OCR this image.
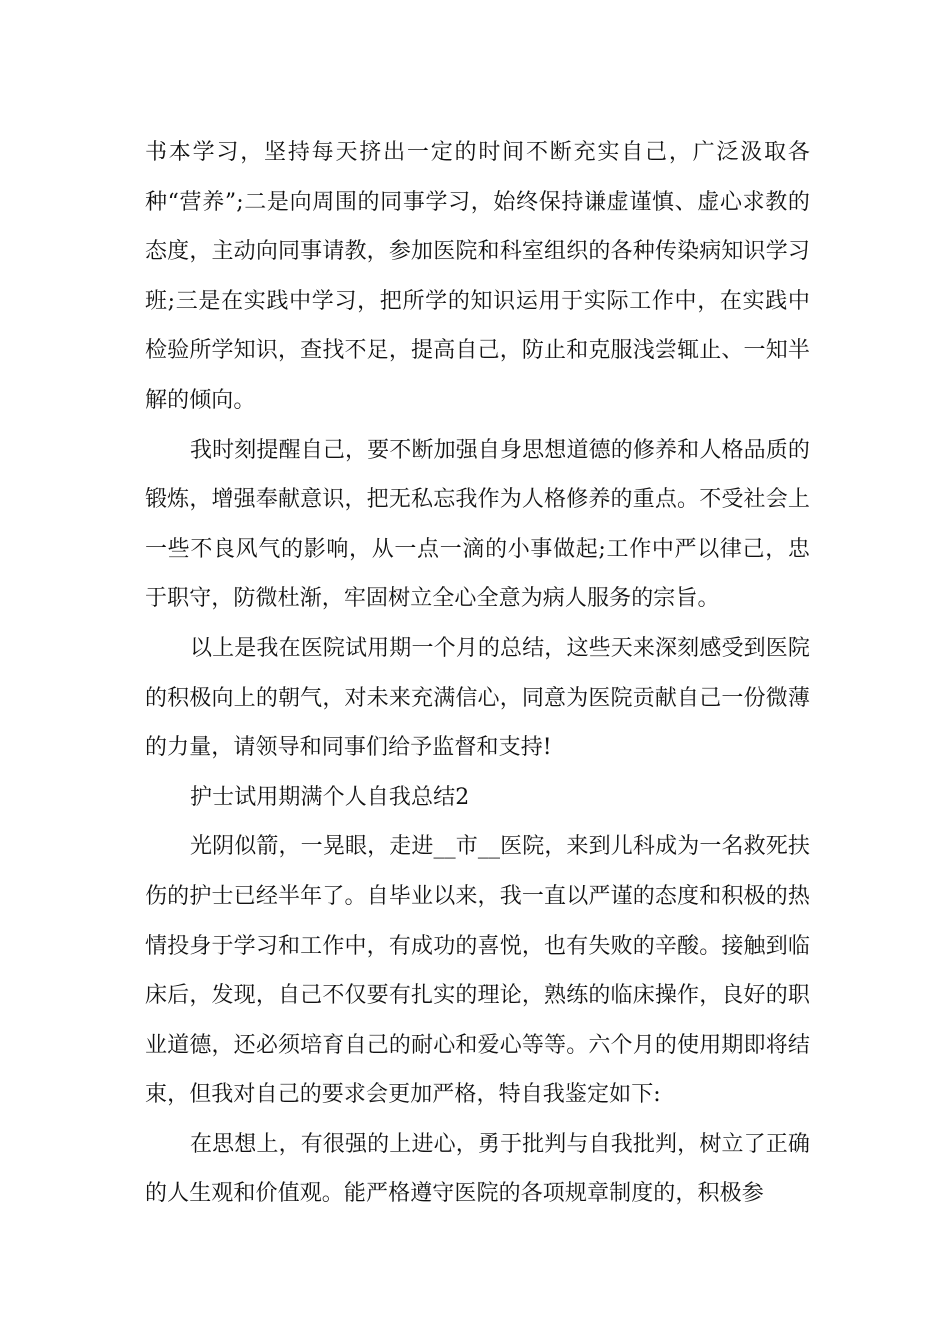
书本学习，坚持每天挤出一定的时间不断充实自己，广泛汲取各种“营养”;二是向周围的同事学习，始终保持谦虚谨慎、虚心求教的态度，主动向同事请教，参加医院和科室组织的各种传染病知识学习班;三是在实践中学习，把所学的知识运用于实际工作中，在实践中检验所学知识，查找不足，提高自己，防止和克服浅尝辄止、一知半解的倾向。

我时刻提醒自己，要不断加强自身思想道德的修养和人格品质的锻炼，增强奉献意识，把无私忘我作为人格修养的重点。不受社会上一些不良风气的影响，从一点一滴的小事做起;工作中严以律己，忠于职守，防微杜渐，牢固树立全心全意为病人服务的宗旨。

以上是我在医院试用期一个月的总结，这些天来深刻感受到医院的积极向上的朝气，对未来充满信心，同意为医院贡献自己一份微薄的力量，请领导和同事们给予监督和支持!

护士试用期满个人自我总结2

光阴似箭，一晃眼，走进__市__医院，来到儿科成为一名救死扶伤的护士已经半年了。自毕业以来，我一直以严谨的态度和积极的热情投身于学习和工作中，有成功的喜悦，也有失败的辛酸。接触到临床后，发现，自己不仅要有扎实的理论，熟练的临床操作，良好的职业道德，还必须培育自己的耐心和爱心等等。六个月的使用期即将结束，但我对自己的要求会更加严格，特自我鉴定如下:

在思想上，有很强的上进心，勇于批判与自我批判，树立了正确的人生观和价值观。能严格遵守医院的各项规章制度的，积极参
